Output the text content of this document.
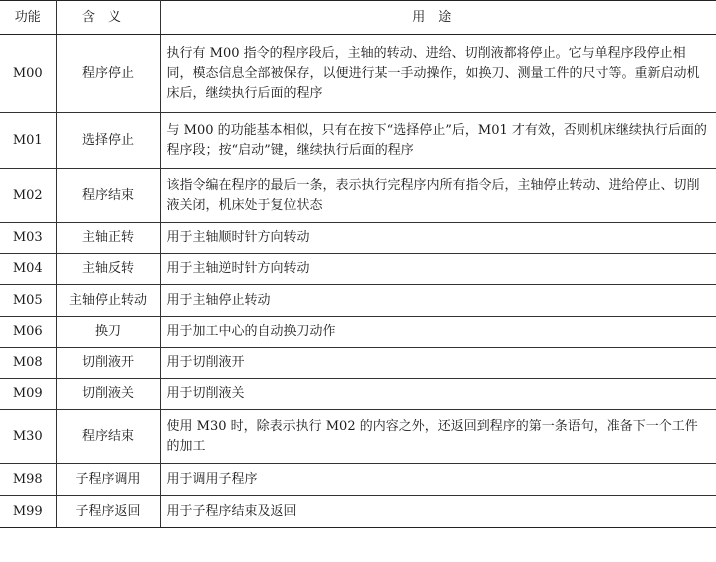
功能	含义	用途
M00	程序停止	执行有 M00 指令的程序段后，主轴的转动、进给、切削液都将停止。它与单程序段停止相同，模态信息全部被保存，以便进行某一手动操作，如换刀、测量工件的尺寸等。重新启动机床后，继续执行后面的程序
M01	选择停止	与 M00 的功能基本相似，只有在按下“选择停止”后，M01 才有效，否则机床继续执行后面的程序段；按“启动”键，继续执行后面的程序
M02	程序结束	该指令编在程序的最后一条，表示执行完程序内所有指令后，主轴停止转动、进给停止、切削液关闭，机床处于复位状态
M03	主轴正转	用于主轴顺时针方向转动
M04	主轴反转	用于主轴逆时针方向转动
M05	主轴停止转动	用于主轴停止转动
M06	换刀	用于加工中心的自动换刀动作
M08	切削液开	用于切削液开
M09	切削液关	用于切削液关
M30	程序结束	使用 M30 时，除表示执行 M02 的内容之外，还返回到程序的第一条语句，准备下一个工件的加工
M98	子程序调用	用于调用子程序
M99	子程序返回	用于子程序结束及返回
